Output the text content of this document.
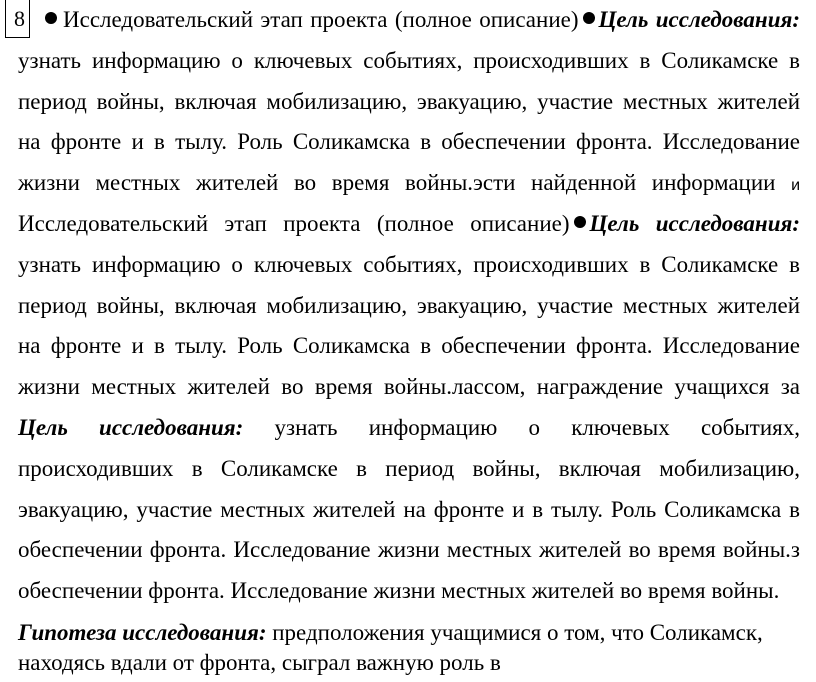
8	Исследовательский этап проекта (полное описание) Цель исследования:
узнать информацию о ключевых событиях, происходивших в Соликамске в
период войны, включая мобилизацию, эвакуацию, участие местных жителей
на фронте и в тылу. Роль Соликамска в обеспечении фронта. Исследование
жизни местных жителей во время войны.эсти найденной информации и
Исследовательский этап проекта (полное описание) Цель исследования:
узнать информацию о ключевых событиях, происходивших в Соликамске в
период войны, включая мобилизацию, эвакуацию, участие местных жителей
на фронте и в тылу. Роль Соликамска в обеспечении фронта. Исследование
жизни местных жителей во время войны.лассом, награждение учащихся за
Цель исследования: узнать информацию о ключевых событиях,
происходивших в Соликамске в период войны, включая мобилизацию,
эвакуацию, участие местных жителей на фронте и в тылу. Роль Соликамска в
обеспечении фронта. Исследование жизни местных жителей во время войны.з
обеспечении фронта. Исследование жизни местных жителей во время войны.
Гипотеза исследования: предположения учащимися о том, что Соликамск,
находясь вдали от фронта, сыграл важную роль в
